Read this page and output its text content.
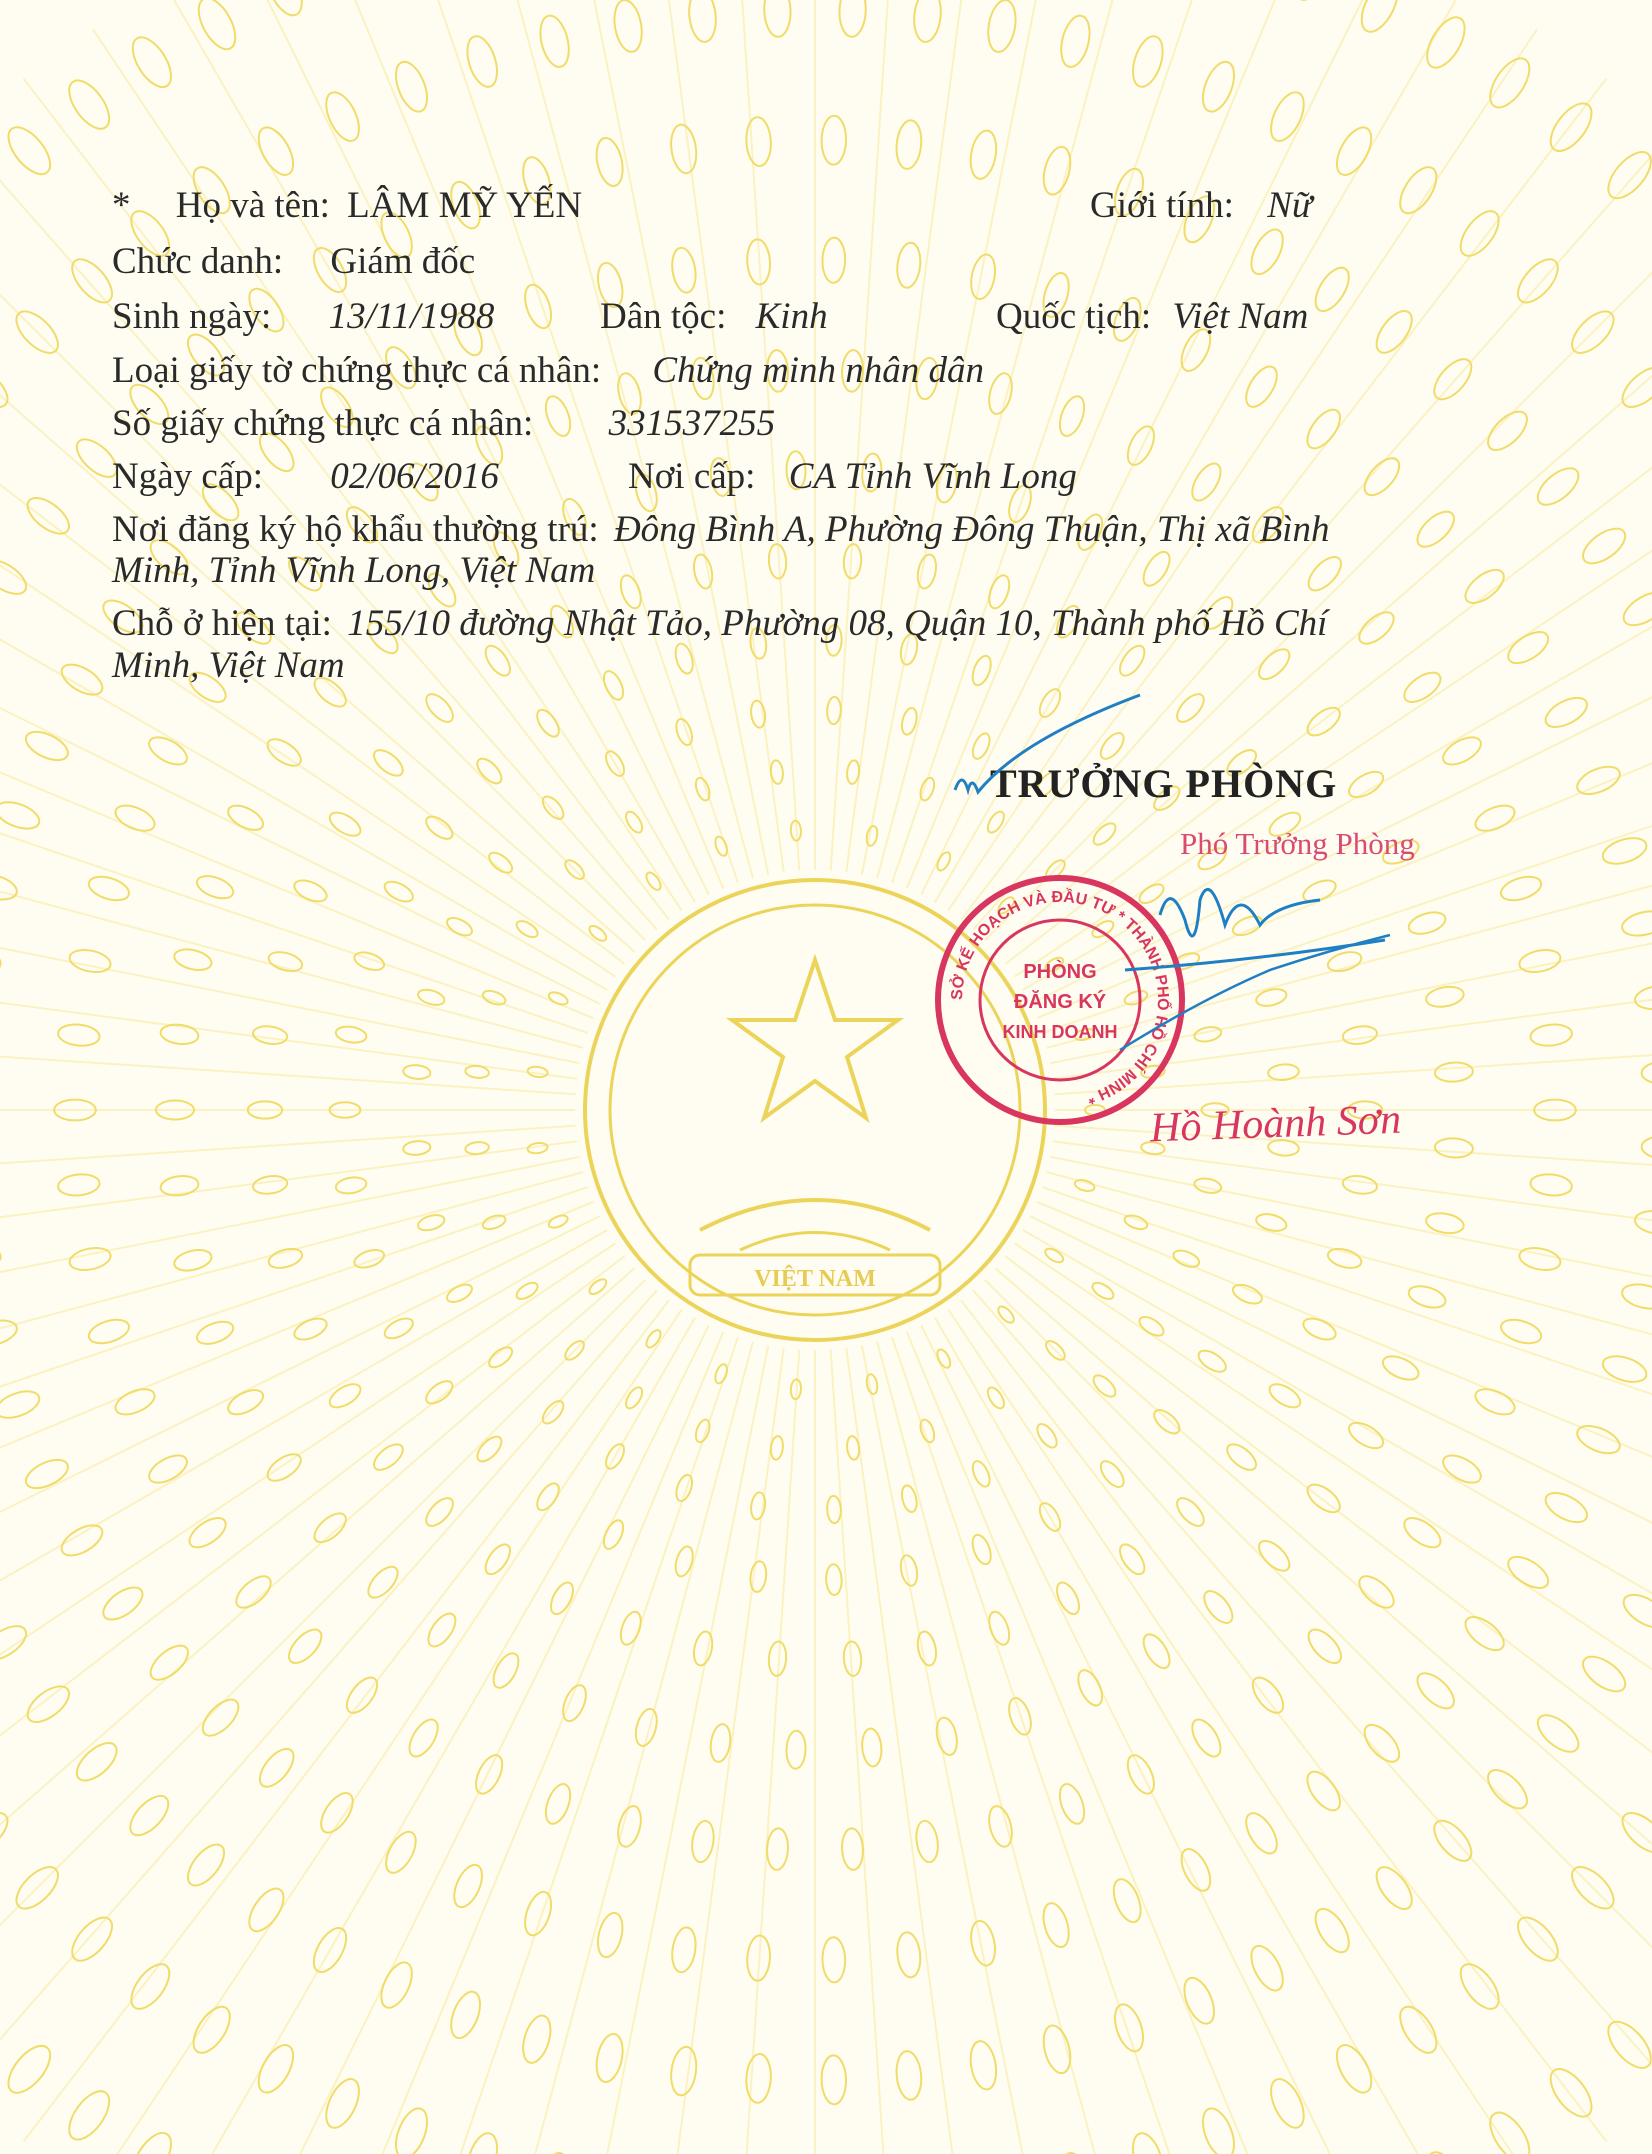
VIỆT NAM
* Họ và tên: LÂM MỸ YẾN	Giới tính: Nữ
Chức danh: Giám đốc
Sinh ngày: 13/11/1988	Dân tộc: Kinh	Quốc tịch: Việt Nam
Loại giấy tờ chứng thực cá nhân: Chứng minh nhân dân
Số giấy chứng thực cá nhân: 331537255
Ngày cấp: 02/06/2016	Nơi cấp: CA Tỉnh Vĩnh Long
Nơi đăng ký hộ khẩu thường trú: Đông Bình A, Phường Đông Thuận, Thị xã Bình
Minh, Tỉnh Vĩnh Long, Việt Nam
Chỗ ở hiện tại: 155/10 đường Nhật Tảo, Phường 08, Quận 10, Thành phố Hồ Chí
Minh, Việt Nam
TRƯỞNG PHÒNG
Phó Trưởng Phòng
SỞ KẾ HOẠCH VÀ ĐẦU TƯ * THÀNH PHỐ HỒ CHÍ MINH *
PHÒNG
ĐĂNG KÝ
KINH DOANH
Hồ Hoành Sơn
